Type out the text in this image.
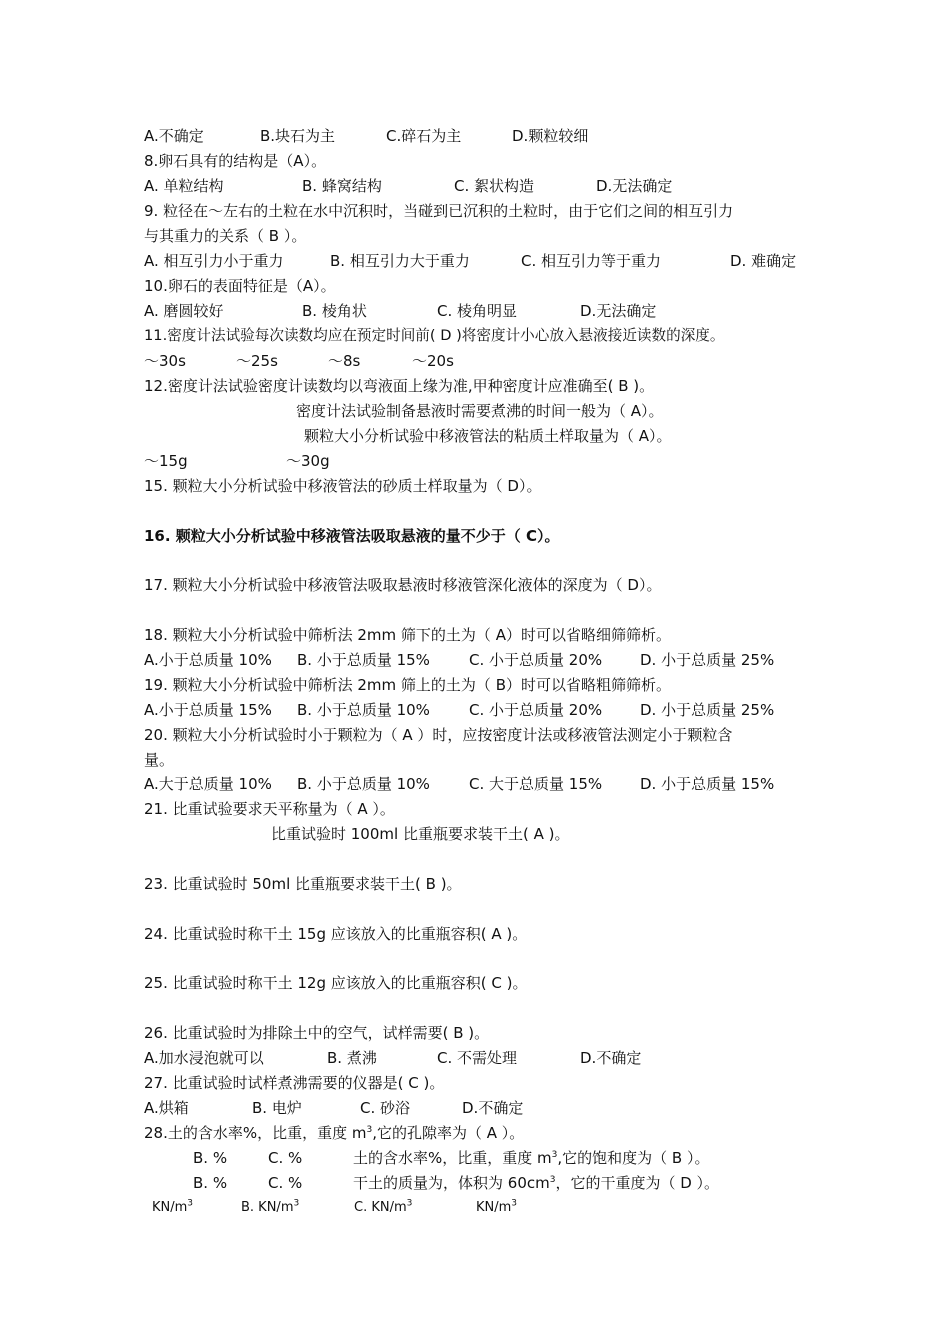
A.不确定	B.块石为主	C.碎石为主	D.颗粒较细
8.卵石具有的结构是（A）。
A. 单粒结构	B. 蜂窝结构	C. 絮状构造	D.无法确定
9. 粒径在～左右的土粒在水中沉积时，当碰到已沉积的土粒时，由于它们之间的相互引力
与其重力的关系（ B ）。
A. 相互引力小于重力	B. 相互引力大于重力	C. 相互引力等于重力	D. 难确定
10.卵石的表面特征是（A）。
A. 磨圆较好	B. 棱角状	C. 棱角明显	D.无法确定
11.密度计法试验每次读数均应在预定时间前( D )将密度计小心放入悬液接近读数的深度。
～30s	～25s	～8s	～20s
12.密度计法试验密度计读数均以弯液面上缘为准,甲种密度计应准确至( B )。
密度计法试验制备悬液时需要煮沸的时间一般为（ A）。
颗粒大小分析试验中移液管法的粘质土样取量为（ A）。
～15g	～30g
15. 颗粒大小分析试验中移液管法的砂质土样取量为（ D）。
16. 颗粒大小分析试验中移液管法吸取悬液的量不少于（ C）。
17. 颗粒大小分析试验中移液管法吸取悬液时移液管深化液体的深度为（ D）。
18. 颗粒大小分析试验中筛析法 2mm 筛下的土为（ A）时可以省略细筛筛析。
A.小于总质量 10% B. 小于总质量 15%	C. 小于总质量 20%	D. 小于总质量 25%
19. 颗粒大小分析试验中筛析法 2mm 筛上的土为（ B）时可以省略粗筛筛析。
A.小于总质量 15% B. 小于总质量 10%	C. 小于总质量 20%	D. 小于总质量 25%
20. 颗粒大小分析试验时小于颗粒为（ A ）时，应按密度计法或移液管法测定小于颗粒含
量。
A.大于总质量 10% B. 小于总质量 10%	C. 大于总质量 15%	D. 小于总质量 15%
21. 比重试验要求天平称量为（ A ）。
比重试验时 100ml 比重瓶要求装干土( A )。
23. 比重试验时 50ml 比重瓶要求装干土( B )。
24. 比重试验时称干土 15g 应该放入的比重瓶容积( A )。
25. 比重试验时称干土 12g 应该放入的比重瓶容积( C )。
26. 比重试验时为排除土中的空气，试样需要( B )。
A.加水浸泡就可以	B. 煮沸	C. 不需处理	D.不确定
27. 比重试验时试样煮沸需要的仪器是( C )。
A.烘箱	B. 电炉	C. 砂浴	D.不确定
28.土的含水率%，比重，重度 $m^3$,它的孔隙率为（ A ）。
B. %	C. %	土的含水率%，比重，重度 $m^3$,它的饱和度为（ B ）。
B. %	C. %	干土的质量为，体积为 $60cm^3$，它的干重度为（ D ）。
$KN/m^3$	B. $KN/m^3$	C. $KN/m^3$	$KN/m^3$
